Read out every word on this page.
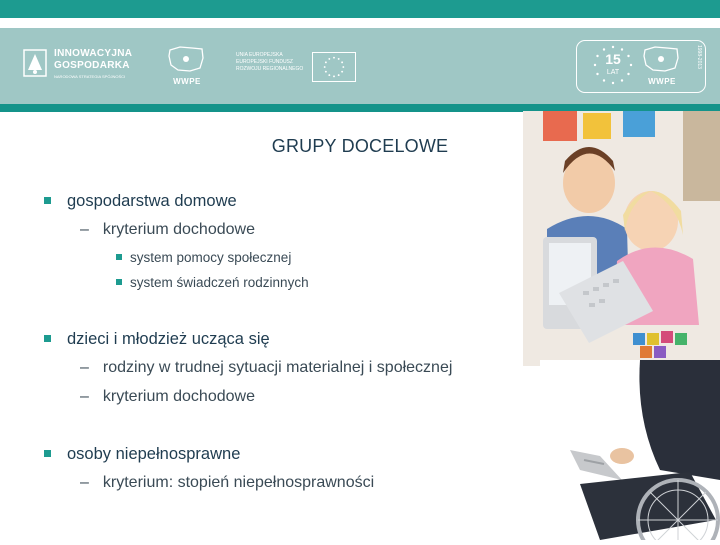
INNOWACYJNA
GOSPODARKA
NARODOWA STRATEGIA SPÓJNOŚCI
WWPE
UNIA EUROPEJSKA
EUROPEJSKI FUNDUSZ
ROZWOJU REGIONALNEGO
15
LAT
WWPE
1998-2013
GRUPY DOCELOWE
gospodarstwa domowe
– kryterium dochodowe
system pomocy społecznej
system świadczeń rodzinnych
dzieci i młodzież ucząca się
– rodziny w trudnej sytuacji materialnej i społecznej
– kryterium dochodowe
osoby niepełnosprawne
– kryterium: stopień niepełnosprawności
